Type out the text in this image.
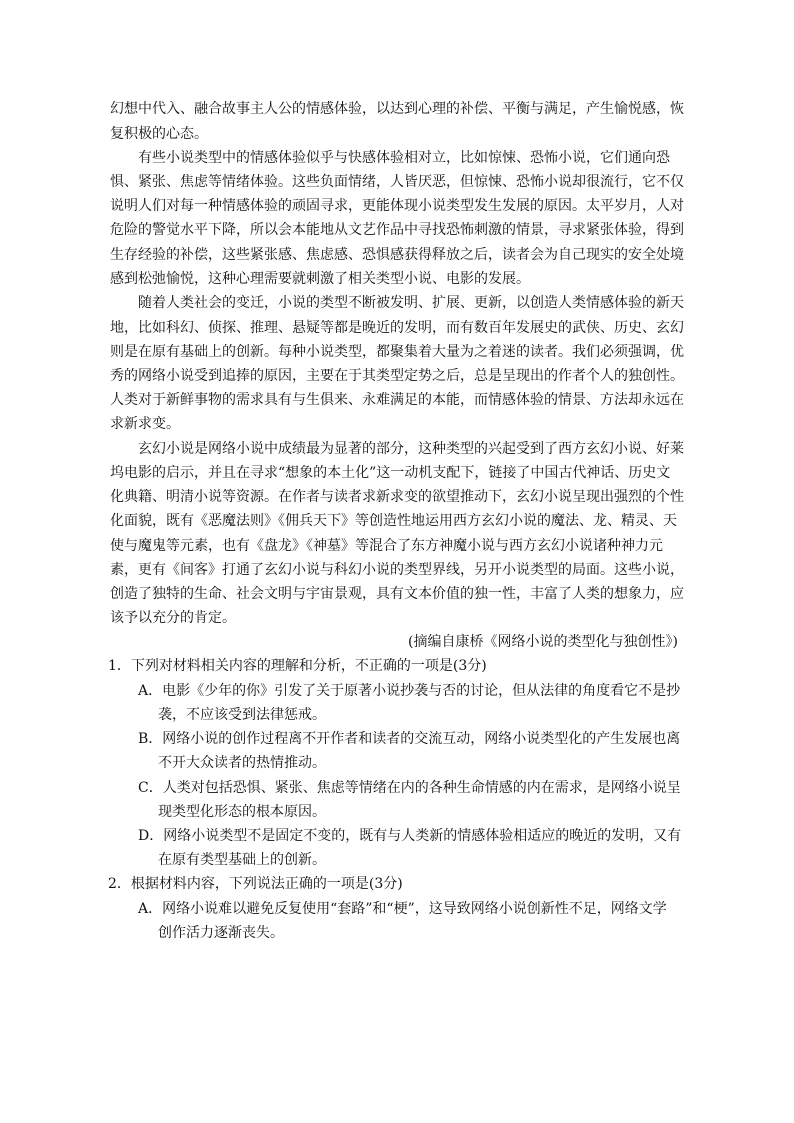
幻想中代入、融合故事主人公的情感体验，以达到心理的补偿、平衡与满足，产生愉悦感，恢
复积极的心态。
有些小说类型中的情感体验似乎与快感体验相对立，比如惊悚、恐怖小说，它们通向恐
惧、紧张、焦虑等情绪体验。这些负面情绪，人皆厌恶，但惊悚、恐怖小说却很流行，它不仅
说明人们对每一种情感体验的顽固寻求，更能体现小说类型发生发展的原因。太平岁月，人对
危险的警觉水平下降，所以会本能地从文艺作品中寻找恐怖刺激的情景，寻求紧张体验，得到
生存经验的补偿，这些紧张感、焦虑感、恐惧感获得释放之后，读者会为自己现实的安全处境
感到松弛愉悦，这种心理需要就刺激了相关类型小说、电影的发展。
随着人类社会的变迁，小说的类型不断被发明、扩展、更新，以创造人类情感体验的新天
地，比如科幻、侦探、推理、悬疑等都是晚近的发明，而有数百年发展史的武侠、历史、玄幻
则是在原有基础上的创新。每种小说类型，都聚集着大量为之着迷的读者。我们必须强调，优
秀的网络小说受到追捧的原因，主要在于其类型定势之后，总是呈现出的作者个人的独创性。
人类对于新鲜事物的需求具有与生俱来、永难满足的本能，而情感体验的情景、方法却永远在
求新求变。
玄幻小说是网络小说中成绩最为显著的部分，这种类型的兴起受到了西方玄幻小说、好莱
坞电影的启示，并且在寻求“想象的本土化”这一动机支配下，链接了中国古代神话、历史文
化典籍、明清小说等资源。在作者与读者求新求变的欲望推动下，玄幻小说呈现出强烈的个性
化面貌，既有《恶魔法则》《佣兵天下》等创造性地运用西方玄幻小说的魔法、龙、精灵、天
使与魔鬼等元素，也有《盘龙》《神墓》等混合了东方神魔小说与西方玄幻小说诸种神力元
素，更有《间客》打通了玄幻小说与科幻小说的类型界线，另开小说类型的局面。这些小说，
创造了独特的生命、社会文明与宇宙景观，具有文本价值的独一性，丰富了人类的想象力，应
该予以充分的肯定。
(摘编自康桥《网络小说的类型化与独创性》)
1．下列对材料相关内容的理解和分析，不正确的一项是(3分)
A．电影《少年的你》引发了关于原著小说抄袭与否的讨论，但从法律的角度看它不是抄
袭，不应该受到法律惩戒。
B．网络小说的创作过程离不开作者和读者的交流互动，网络小说类型化的产生发展也离
不开大众读者的热情推动。
C．人类对包括恐惧、紧张、焦虑等情绪在内的各种生命情感的内在需求，是网络小说呈
现类型化形态的根本原因。
D．网络小说类型不是固定不变的，既有与人类新的情感体验相适应的晚近的发明，又有
在原有类型基础上的创新。
2．根据材料内容，下列说法正确的一项是(3分)
A．网络小说难以避免反复使用“套路”和“梗”，这导致网络小说创新性不足，网络文学
创作活力逐渐丧失。
